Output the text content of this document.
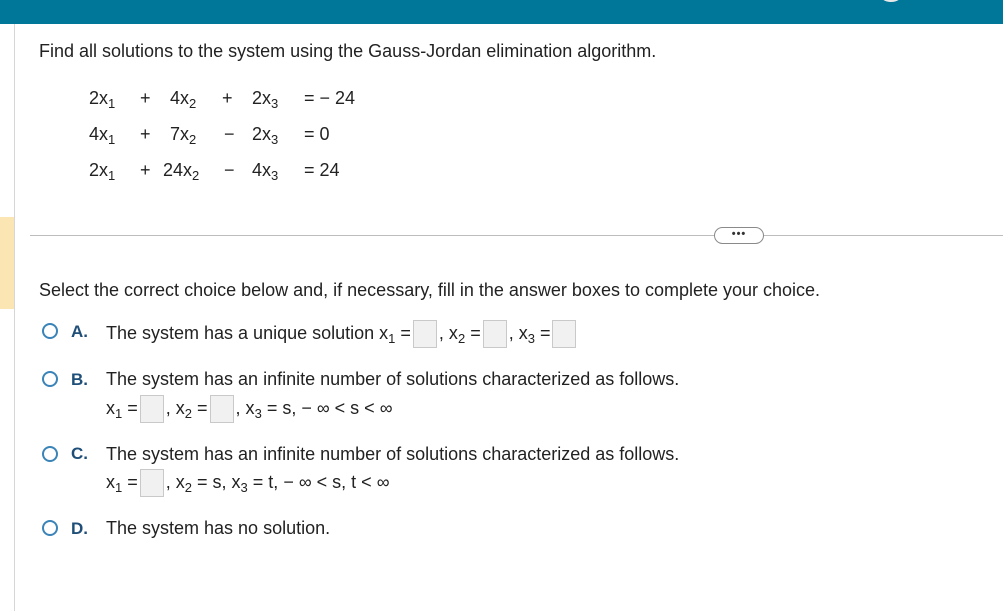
Find all solutions to the system using the Gauss-Jordan elimination algorithm.
$2x_1 + 4x_2 + 2x_3$ = − 24
$4x_1 + 7x_2 - 2x_3 = 0$
$2x_1 + 24x_2 - 4x_3 = 24$
•••
Select the correct choice below and, if necessary, fill in the answer boxes to complete your choice.
A. The system has a unique solution $x_1$ = , $x_2$ = , $x_3$ =
B. The system has an infinite number of solutions characterized as follows.
$x_1$ = , $x_2$ = , $x_3 = s$, − ∞ < s < ∞
C. The system has an infinite number of solutions characterized as follows.
$x_1$ = , $x_2 = s$, $x_3 = t$, − ∞ < s, t < ∞
D. The system has no solution.
